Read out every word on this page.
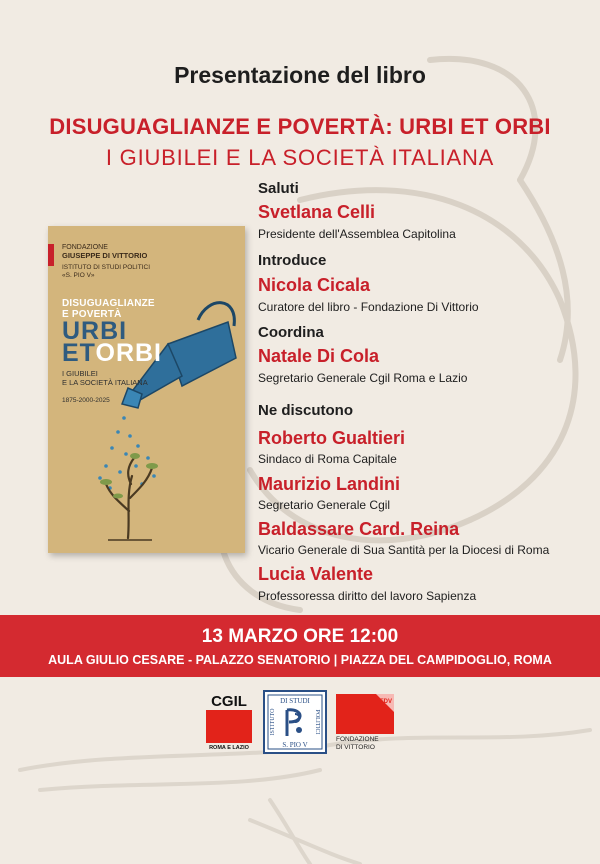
Presentazione del libro
DISUGUAGLIANZE E POVERTÀ: URBI ET ORBI
I GIUBILEI E LA SOCIETÀ ITALIANA
FONDAZIONE
GIUSEPPE DI VITTORIO
ISTITUTO DI STUDI POLITICI
«S. PIO V»
DISUGUAGLIANZE
E POVERTÀ
URBI
ETORBI
I GIUBILEI
E LA SOCIETÀ ITALIANA
1875-2000-2025
Saluti
Svetlana Celli
Presidente dell'Assemblea Capitolina
Introduce
Nicola Cicala
Curatore del libro - Fondazione Di Vittorio
Coordina
Natale Di Cola
Segretario Generale Cgil Roma e Lazio
Ne discutono
Roberto Gualtieri
Sindaco di Roma Capitale
Maurizio Landini
Segretario Generale Cgil
Baldassare Card. Reina
Vicario Generale di Sua Santità per la Diocesi di Roma
Lucia Valente
Professoressa diritto del lavoro Sapienza
13 MARZO ORE 12:00
AULA GIULIO CESARE - PALAZZO SENATORIO | PIAZZA DEL CAMPIDOGLIO, ROMA
CGIL
ROMA E LAZIO
DI STUDI
S. PIO V
ISTITUTO	POLITICI
FDV
FONDAZIONE
DI VITTORIO
